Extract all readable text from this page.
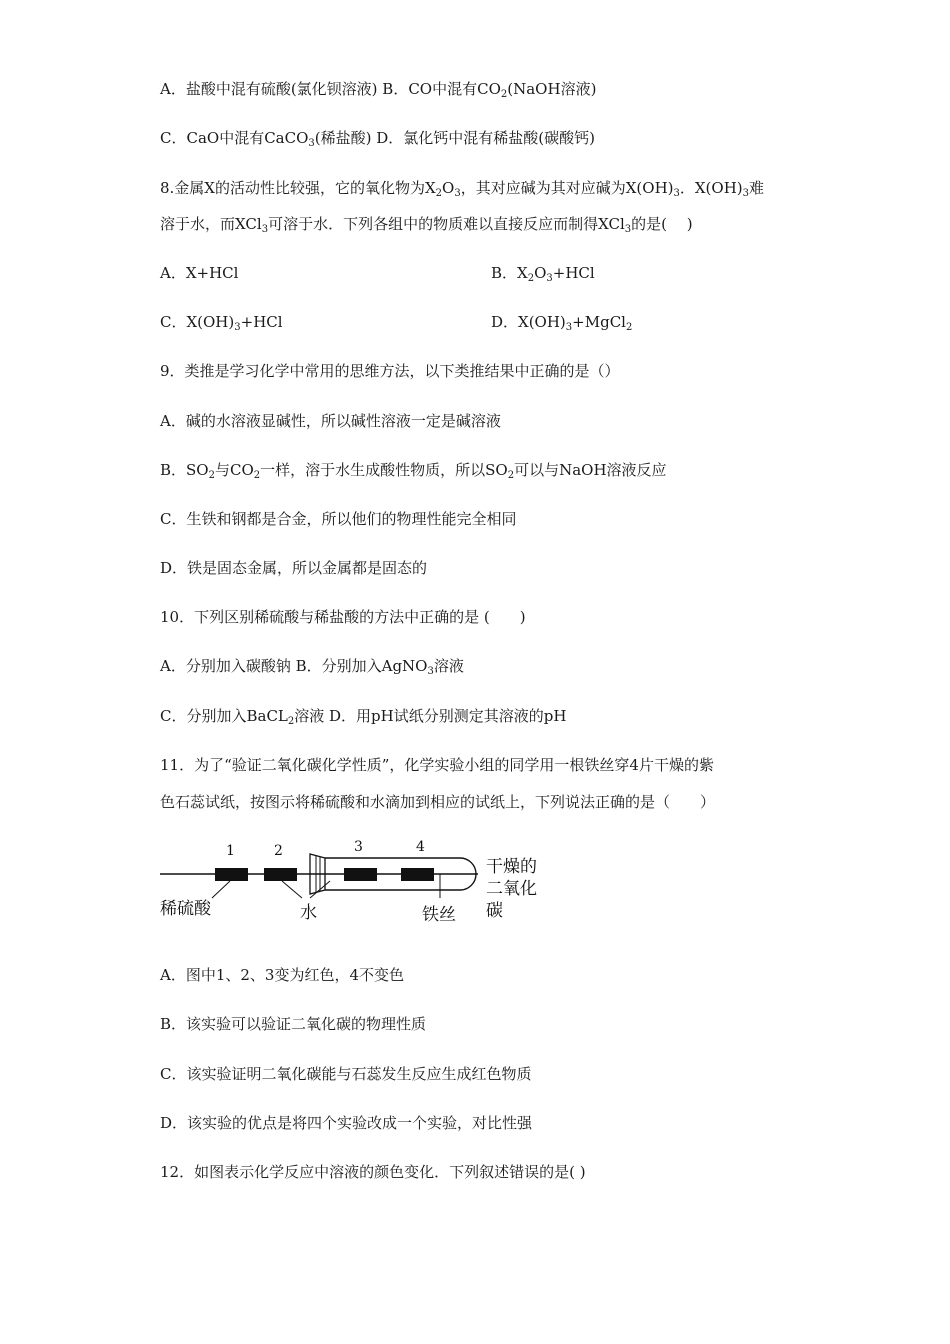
A．盐酸中混有硫酸(氯化钡溶液) B．CO中混有$CO_2(NaOH$溶液)
C．CaO中混有CaCO$_3$(稀盐酸) D．氯化钙中混有稀盐酸(碳酸钙)
8.金属X的活动性比较强，它的氧化物为$X_2O_3$，其对应碱为其对应碱为$X(OH)_3$．$X(OH)_3$难
溶于水，而XCl$_3$可溶于水．下列各组中的物质难以直接反应而制得XCl$_3$的是(　 )
9．类推是学习化学中常用的思维方法，以下类推结果中正确的是（）
A．碱的水溶液显碱性，所以碱性溶液一定是碱溶液
B．$SO_2$与$CO_2$一样，溶于水生成酸性物质，所以$SO_2$可以与NaOH溶液反应
C．生铁和钢都是合金，所以他们的物理性能完全相同
D．铁是固态金属，所以金属都是固态的
10．下列区别稀硫酸与稀盐酸的方法中正确的是 (　　)
A．分别加入碳酸钠 B．分别加入AgNO$_3$溶液
C．分别加入BaCL$_2$溶液 D．用pH试纸分别测定其溶液的pH
11．为了“验证二氧化碳化学性质”，化学实验小组的同学用一根铁丝穿4片干燥的紫
色石蕊试纸，按图示将稀硫酸和水滴加到相应的试纸上，下列说法正确的是（　　）
A．图中1、2、3变为红色，4不变色
B．该实验可以验证二氧化碳的物理性质
C．该实验证明二氧化碳能与石蕊发生反应生成红色物质
D．该实验的优点是将四个实验改成一个实验，对比性强
12．如图表示化学反应中溶液的颜色变化．下列叙述错误的是( )
A．X+HCl	B．$X_2O_3+HCl$
C．$X(OH)_3+HCl$	D．$X(OH)_3+MgCl_2$
1	2	3	4
稀硫酸	水	铁丝
干燥的
二氧化
碳
